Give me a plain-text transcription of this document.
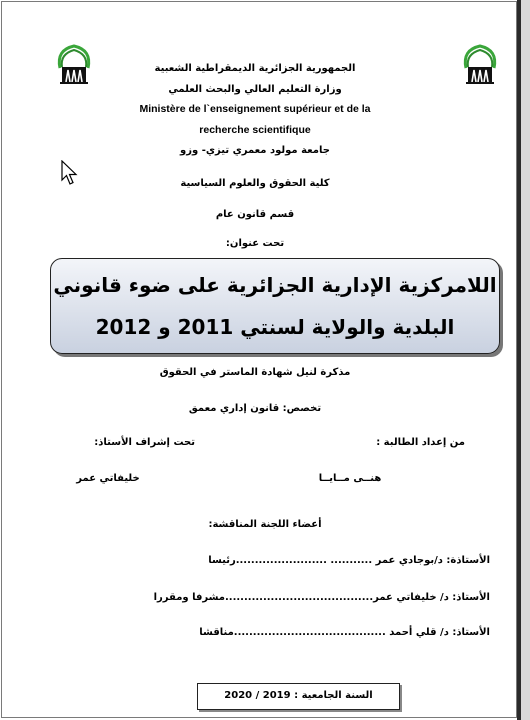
الجمهورية الجزائرية الديمقراطية الشعبية
وزارة التعليم العالي والبحث العلمي
Ministère de l`enseignement supérieur et de la
recherche scientifique
جامعة مولود معمري تيزي- وزو
كلية الحقوق والعلوم السياسية
قسم قانون عام
تحت عنوان:
اللامركزية الإدارية الجزائرية على ضوء قانوني
البلدية والولاية لسنتي 2011 و 2012
مذكرة لنيل شهادة الماستر في الحقوق
تخصص: قانون إداري معمق
من إعداد الطالبة :
تحت إشراف الأستاذ:
هنــى مــايــا
خليفاتي عمر
أعضاء اللجنة المناقشة:
الأستاذة: د/بوجادي عمر ........... ........................رئيسا
الأستاذ: د/ خليفاتي عمر.......................................مشرفا ومقررا
الأستاذ: د/ قلي أحمد ........................................مناقشا
السنة الجامعية : 2019 / 2020
